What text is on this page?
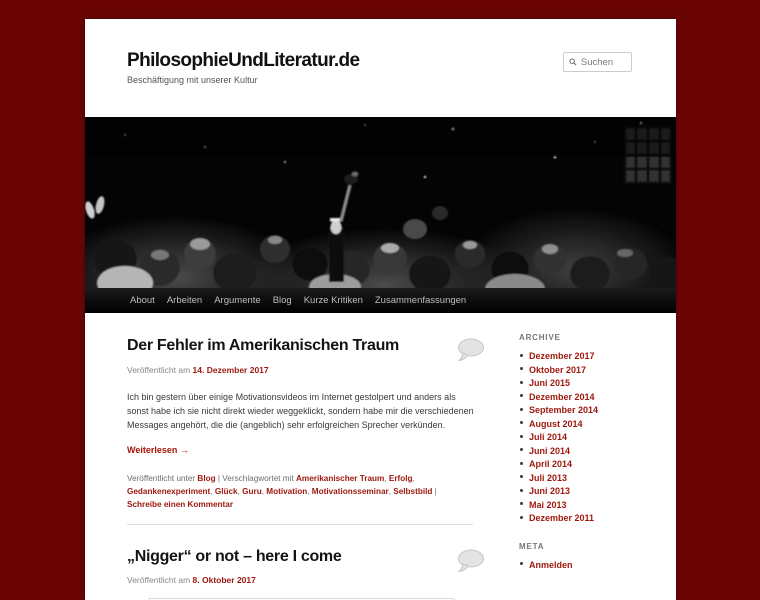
PhilosophieUndLiteratur.de
Beschäftigung mit unserer Kultur
Suchen
About	Arbeiten	Argumente	Blog	Kurze Kritiken	Zusammenfassungen
Der Fehler im Amerikanischen Traum
Veröffentlicht am 14. Dezember 2017

Ich bin gestern über einige Motivationsvideos im Internet gestolpert und anders als sonst habe ich sie nicht direkt wieder weggeklickt, sondern habe mir die verschiedenen Messages angehört, die die (angeblich) sehr erfolgreichen Sprecher verkünden.

Weiterlesen →
Veröffentlicht unter Blog | Verschlagwortet mit Amerikanischer Traum, Erfolg, Gedankenexperiment, Glück, Guru, Motivation, Motivationsseminar, Selbstbild | Schreibe einen Kommentar
„Nigger“ or not – here I come
Veröffentlicht am 8. Oktober 2017
ARCHIVE
Dezember 2017
Oktober 2017
Juni 2015
Dezember 2014
September 2014
August 2014
Juli 2014
Juni 2014
April 2014
Juli 2013
Juni 2013
Mai 2013
Dezember 2011
META
Anmelden
